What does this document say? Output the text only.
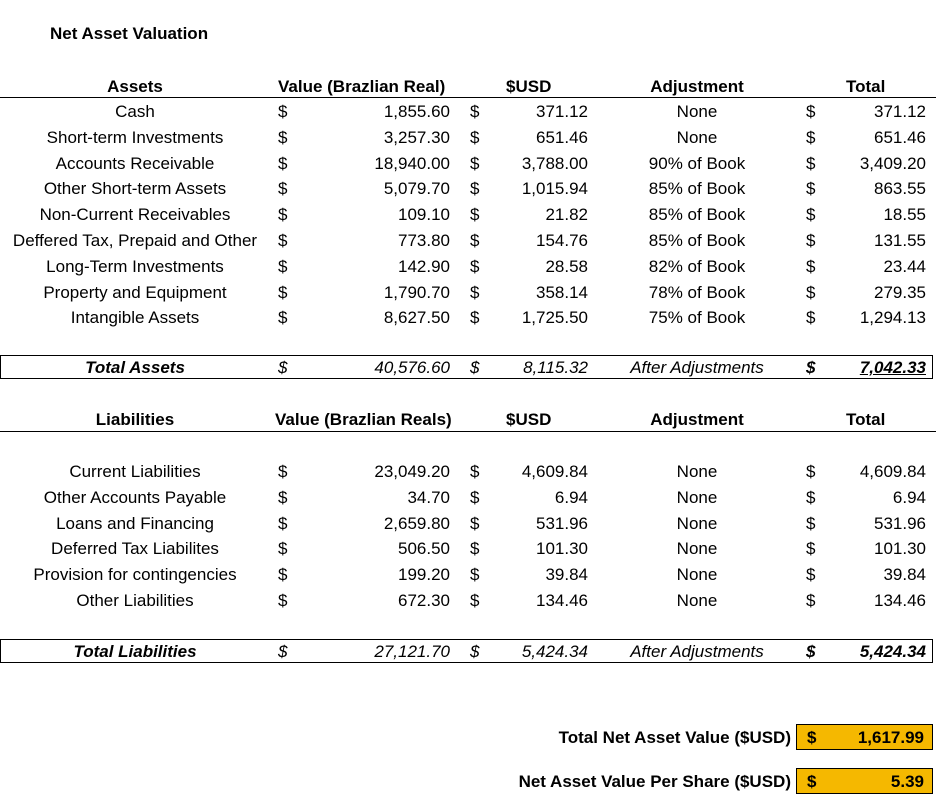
Net Asset Valuation
Assets	Value (Brazlian Real)	$USD	Adjustment	Total
Cash	$	1,855.60 $	371.12	None	$	371.12
Short-term Investments	$	3,257.30 $	651.46	None	$	651.46
Accounts Receivable	$	18,940.00 $	3,788.00	90% of Book	$	3,409.20
Other Short-term Assets	$	5,079.70 $	1,015.94	85% of Book	$	863.55
Non-Current Receivables	$	109.10 $	21.82	85% of Book	$	18.55
Deffered Tax, Prepaid and Other	$	773.80 $	154.76	85% of Book	$	131.55
Long-Term Investments	$	142.90 $	28.58	82% of Book	$	23.44
Property and Equipment	$	1,790.70 $	358.14	78% of Book	$	279.35
Intangible Assets	$	8,627.50 $	1,725.50	75% of Book	$	1,294.13
Total Assets	$	40,576.60 $	8,115.32	After Adjustments	$	7,042.33
Liabilities	Value (Brazlian Reals)	$USD	Adjustment	Total
Current Liabilities	$	23,049.20 $	4,609.84	None	$	4,609.84
Other Accounts Payable	$	34.70 $	6.94	None	$	6.94
Loans and Financing	$	2,659.80 $	531.96	None	$	531.96
Deferred Tax Liabilites	$	506.50 $	101.30	None	$	101.30
Provision for contingencies	$	199.20 $	39.84	None	$	39.84
Other Liabilities	$	672.30 $	134.46	None	$	134.46
Total Liabilities	$	27,121.70 $	5,424.34	After Adjustments	$	5,424.34
Total Net Asset Value ($USD) $ 1,617.99
Net Asset Value Per Share ($USD) $	5.39
